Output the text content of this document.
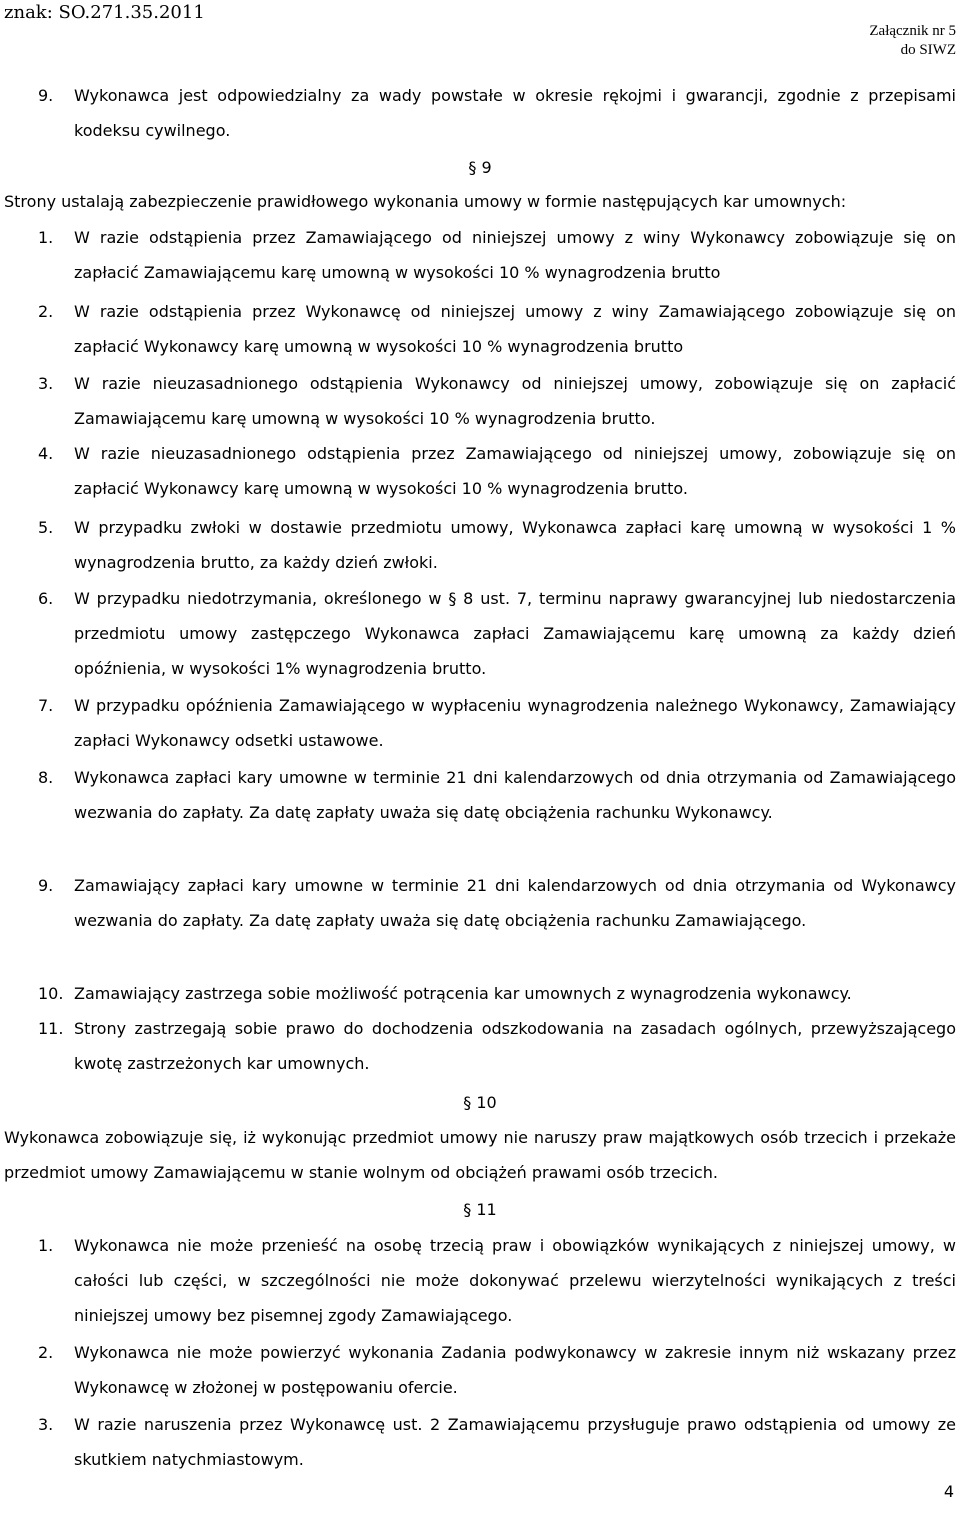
znak: SO.271.35.2011
Załącznik nr 5
do SIWZ
9. Wykonawca jest odpowiedzialny za wady powstałe w okresie rękojmi i gwarancji, zgodnie z przepisami kodeksu cywilnego.
§ 9
Strony ustalają zabezpieczenie prawidłowego wykonania umowy w formie następujących kar umownych:
1. W razie odstąpienia przez Zamawiającego od niniejszej umowy z winy Wykonawcy zobowiązuje się on zapłacić Zamawiającemu karę umowną w wysokości 10 % wynagrodzenia brutto
2. W razie odstąpienia przez Wykonawcę od niniejszej umowy z winy Zamawiającego zobowiązuje się on zapłacić Wykonawcy karę umowną w wysokości 10 % wynagrodzenia brutto
3. W razie nieuzasadnionego odstąpienia Wykonawcy od niniejszej umowy, zobowiązuje się on zapłacić Zamawiającemu karę umowną w wysokości 10 % wynagrodzenia brutto.
4. W razie nieuzasadnionego odstąpienia przez Zamawiającego od niniejszej umowy, zobowiązuje się on zapłacić Wykonawcy karę umowną w wysokości 10 % wynagrodzenia brutto.
5. W przypadku zwłoki w dostawie przedmiotu umowy, Wykonawca zapłaci karę umowną w wysokości 1 % wynagrodzenia brutto, za każdy dzień zwłoki.
6. W przypadku niedotrzymania, określonego w § 8 ust. 7, terminu naprawy gwarancyjnej lub niedostarczenia przedmiotu umowy zastępczego Wykonawca zapłaci Zamawiającemu karę umowną za każdy dzień opóźnienia, w wysokości 1% wynagrodzenia brutto.
7. W przypadku opóźnienia Zamawiającego w wypłaceniu wynagrodzenia należnego Wykonawcy, Zamawiający zapłaci Wykonawcy odsetki ustawowe.
8. Wykonawca zapłaci kary umowne w terminie 21 dni kalendarzowych od dnia otrzymania od Zamawiającego wezwania do zapłaty. Za datę zapłaty uważa się datę obciążenia rachunku Wykonawcy.
9. Zamawiający zapłaci kary umowne w terminie 21 dni kalendarzowych od dnia otrzymania od Wykonawcy wezwania do zapłaty. Za datę zapłaty uważa się datę obciążenia rachunku Zamawiającego.
10. Zamawiający zastrzega sobie możliwość potrącenia kar umownych z wynagrodzenia wykonawcy.
11. Strony zastrzegają sobie prawo do dochodzenia odszkodowania na zasadach ogólnych, przewyższającego kwotę zastrzeżonych kar umownych.
§ 10
Wykonawca zobowiązuje się, iż wykonując przedmiot umowy nie naruszy praw majątkowych osób trzecich i przekaże przedmiot umowy Zamawiającemu w stanie wolnym od obciążeń prawami osób trzecich.
§ 11
1. Wykonawca nie może przenieść na osobę trzecią praw i obowiązków wynikających z niniejszej umowy, w całości lub części, w szczególności nie może dokonywać przelewu wierzytelności wynikających z treści niniejszej umowy bez pisemnej zgody Zamawiającego.
2. Wykonawca nie może powierzyć wykonania Zadania podwykonawcy w zakresie innym niż wskazany przez Wykonawcę w złożonej w postępowaniu ofercie.
3. W razie naruszenia przez Wykonawcę ust. 2 Zamawiającemu przysługuje prawo odstąpienia od umowy ze skutkiem natychmiastowym.
4
